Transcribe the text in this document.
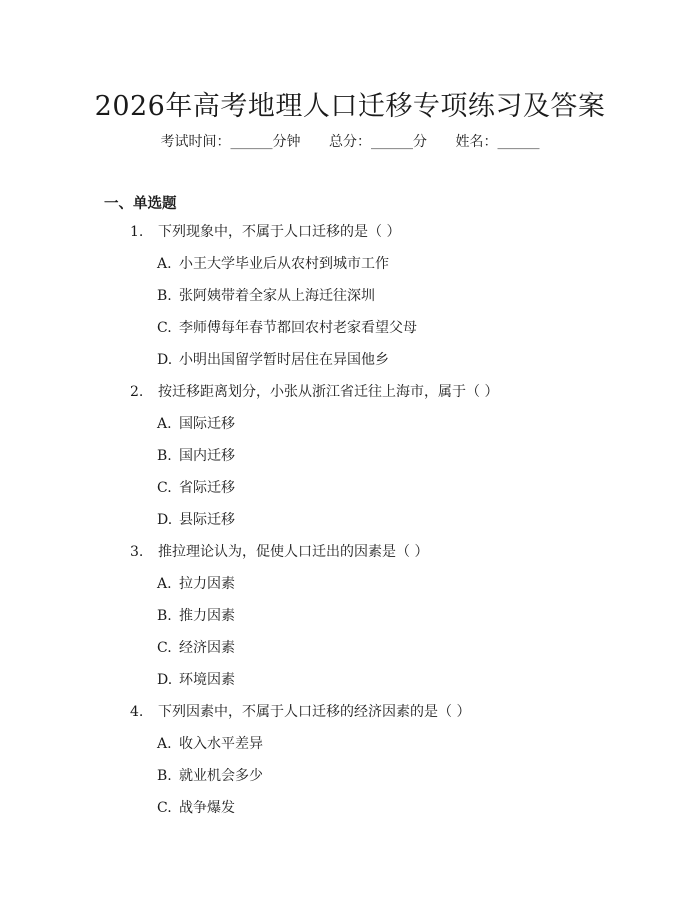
2026年高考地理人口迁移专项练习及答案
考试时间：______分钟 总分：______分 姓名：______
一、单选题
1. 下列现象中，不属于人口迁移的是（ ）
A. 小王大学毕业后从农村到城市工作
B. 张阿姨带着全家从上海迁往深圳
C. 李师傅每年春节都回农村老家看望父母
D. 小明出国留学暂时居住在异国他乡
2. 按迁移距离划分，小张从浙江省迁往上海市，属于（ ）
A. 国际迁移
B. 国内迁移
C. 省际迁移
D. 县际迁移
3. 推拉理论认为，促使人口迁出的因素是（ ）
A. 拉力因素
B. 推力因素
C. 经济因素
D. 环境因素
4. 下列因素中，不属于人口迁移的经济因素的是（ ）
A. 收入水平差异
B. 就业机会多少
C. 战争爆发
